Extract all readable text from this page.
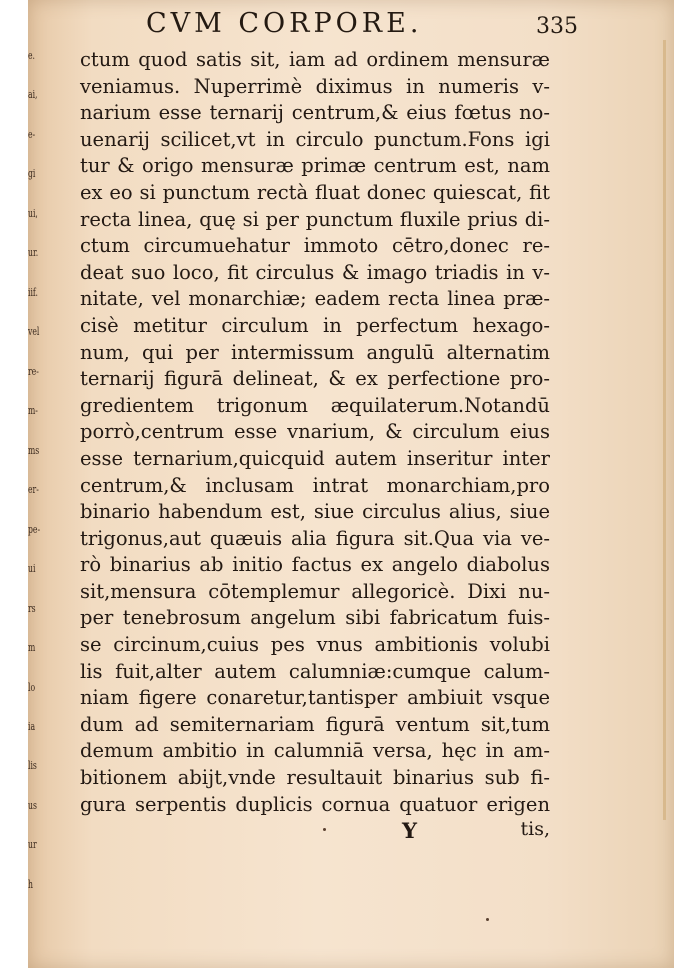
e.
ai,
e-
gi
ui,
ur.
iif.
vel
re-
m-
ms
er-
pe-
ui
rs
m
lo
ia
lis
us
ur
h
CVM CORPORE.	335
ctum quod satis sit, iam ad ordinem mensuræ
veniamus. Nuperrimè diximus in numeris v-
narium esse ternarij centrum,& eius fœtus no-
uenarij scilicet,vt in circulo punctum.Fons igi
tur & origo mensuræ primæ centrum est, nam
ex eo si punctum rectà fluat donec quiescat, fit
recta linea, quę si per punctum fluxile prius di-
ctum circumuehatur immoto cētro,donec re-
deat suo loco, fit circulus & imago triadis in v-
nitate, vel monarchiæ; eadem recta linea præ-
cisè metitur circulum in perfectum hexago-
num, qui per intermissum angulū alternatim
ternarij figurā delineat, & ex perfectione pro-
gredientem trigonum æquilaterum.Notandū
porrò,centrum esse vnarium, & circulum eius
esse ternarium,quicquid autem inseritur inter
centrum,& inclusam intrat monarchiam,pro
binario habendum est, siue circulus alius, siue
trigonus,aut quæuis alia figura sit.Qua via ve-
rò binarius ab initio factus ex angelo diabolus
sit,mensura cōtemplemur allegoricè. Dixi nu-
per tenebrosum angelum sibi fabricatum fuis-
se circinum,cuius pes vnus ambitionis volubi
lis fuit,alter autem calumniæ:cumque calum-
niam figere conaretur,tantisper ambiuit vsque
dum ad semiternariam figurā ventum sit,tum
demum ambitio in calumniā versa, hęc in am-
bitionem abijt,vnde resultauit binarius sub fi-
gura serpentis duplicis cornua quatuor erigen
Y	tis,
